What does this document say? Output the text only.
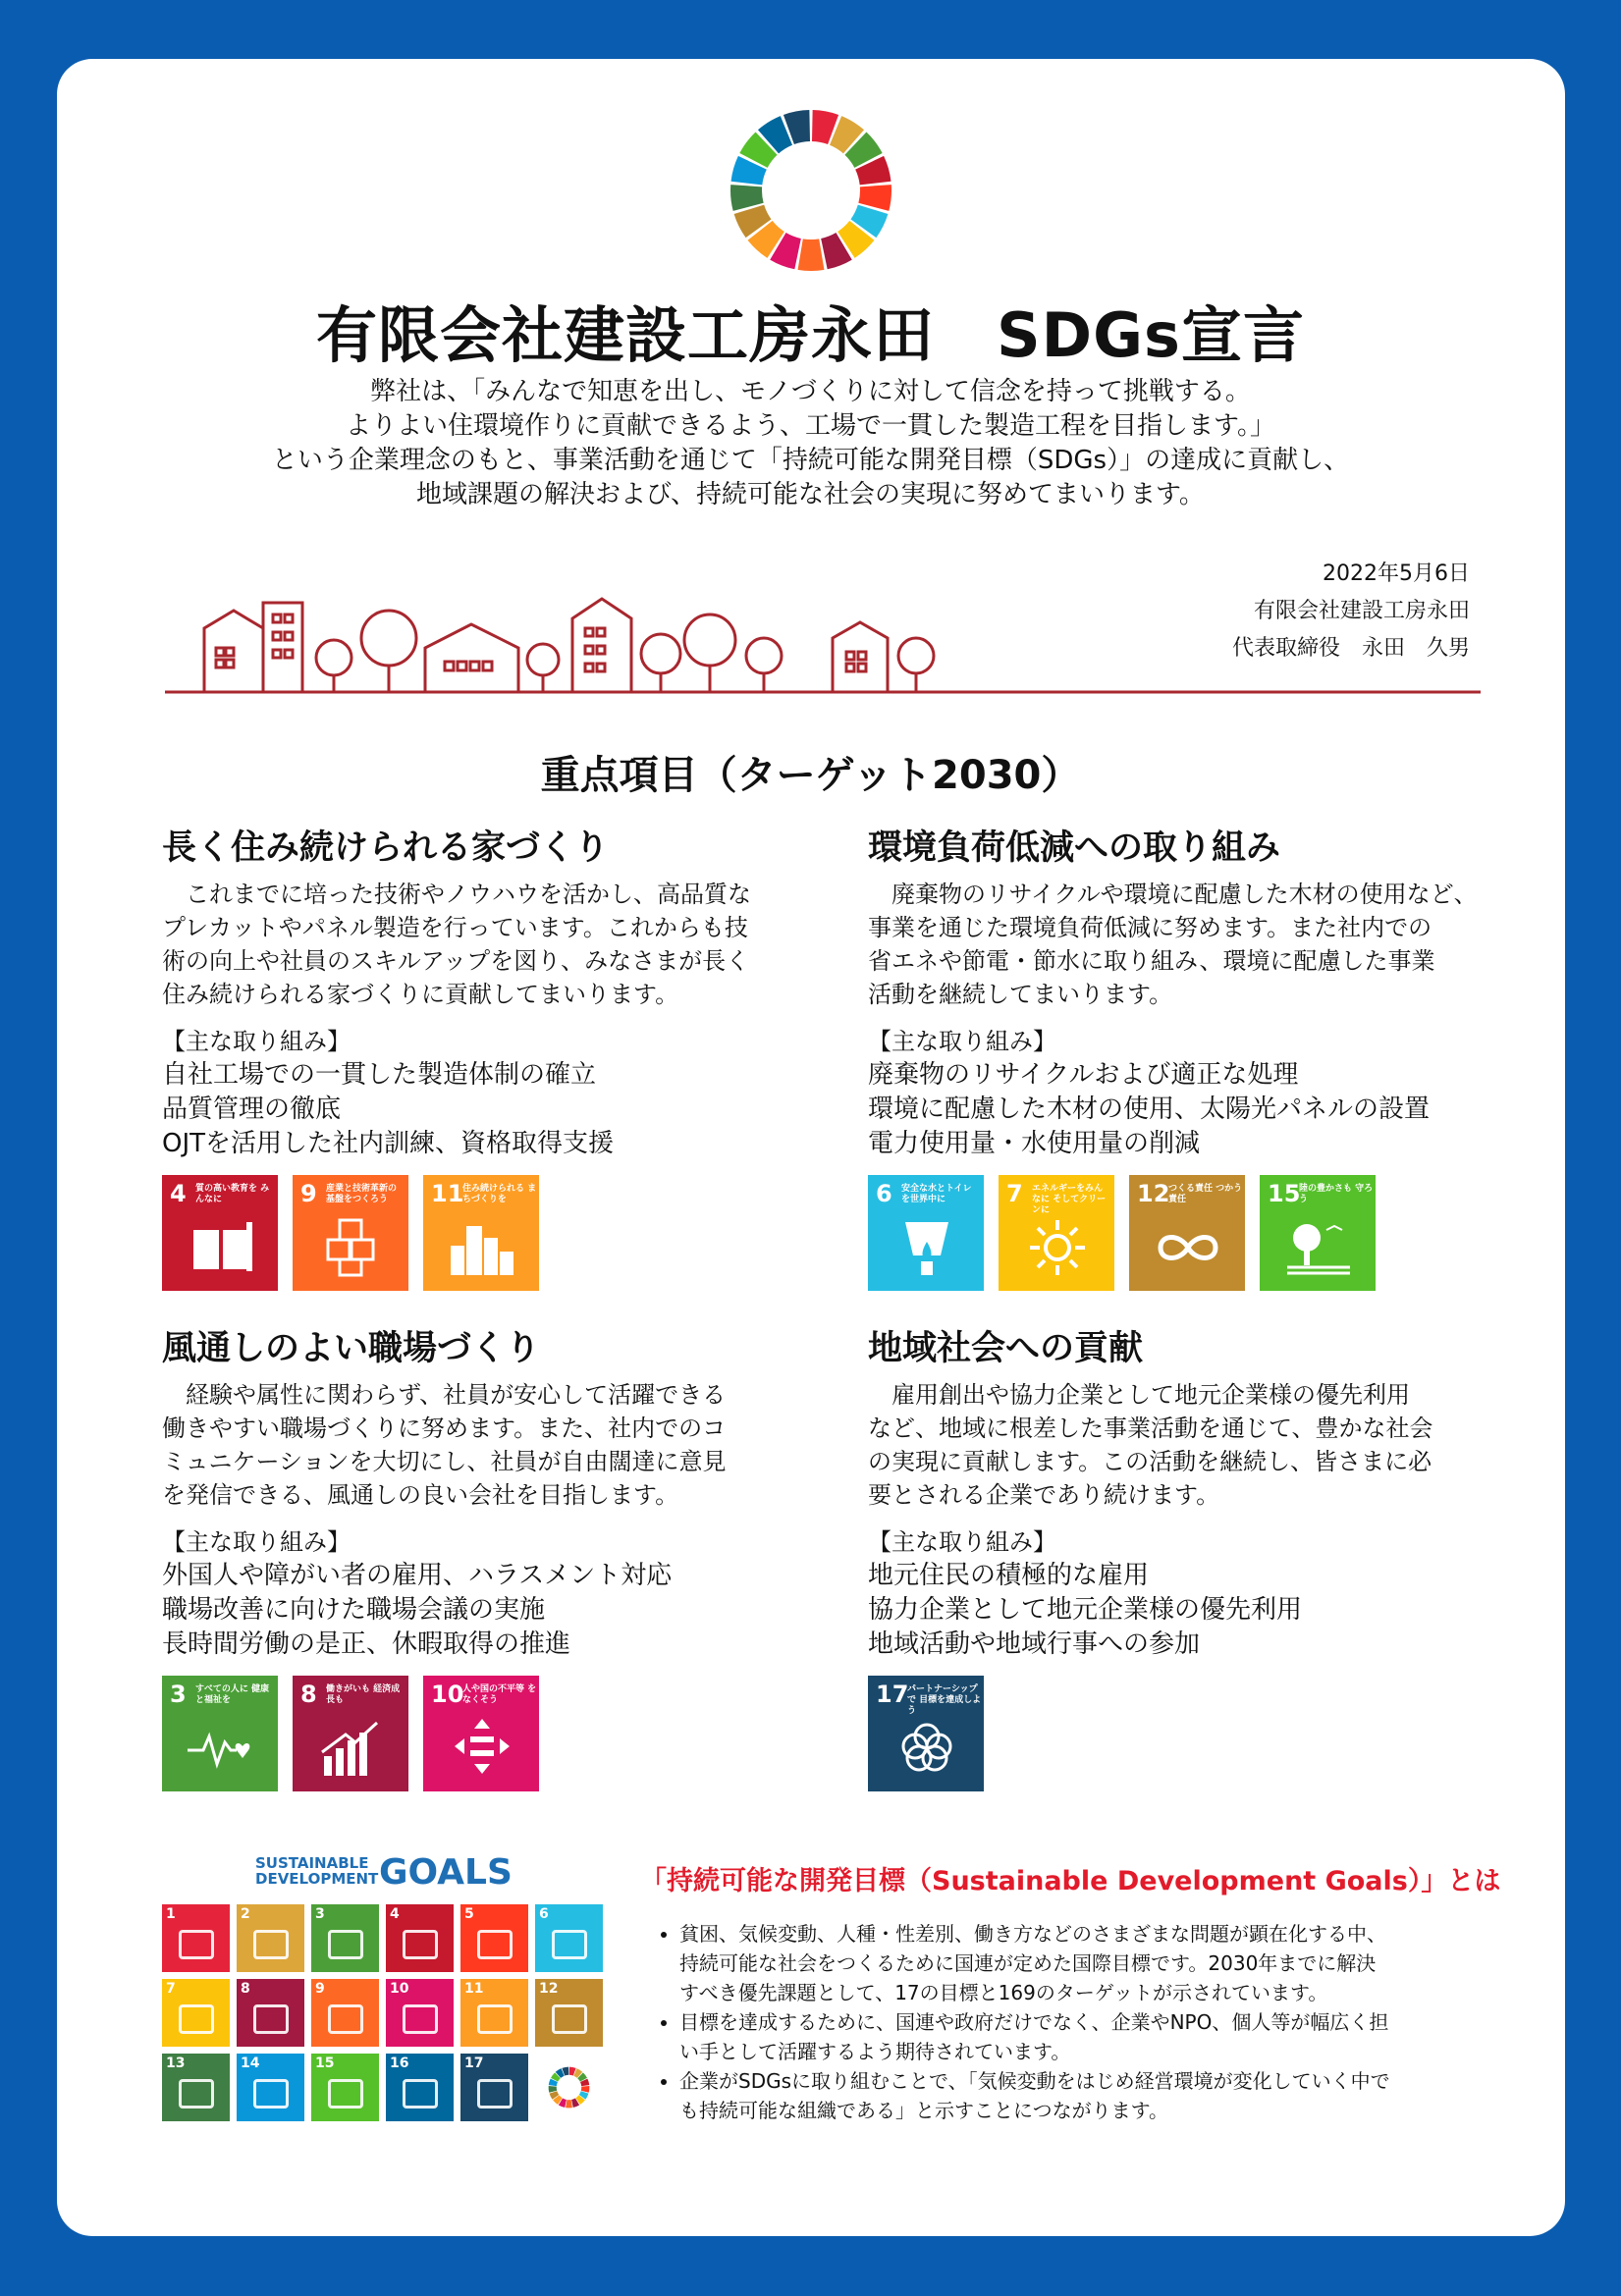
有限会社建設工房永田　SDGs宣言
弊社は、「みんなで知恵を出し、モノづくりに対して信念を持って挑戦する。
よりよい住環境作りに貢献できるよう、工場で一貫した製造工程を目指します。」
という企業理念のもと、事業活動を通じて「持続可能な開発目標（SDGs）」の達成に貢献し、
地域課題の解決および、持続可能な社会の実現に努めてまいります。
2022年5月6日
有限会社建設工房永田
代表取締役　永田　久男
重点項目（ターゲット2030）
長く住み続けられる家づくり
　これまでに培った技術やノウハウを活かし、高品質な
プレカットやパネル製造を行っています。これからも技
術の向上や社員のスキルアップを図り、みなさまが長く
住み続けられる家づくりに貢献してまいります。
【主な取り組み】
自社工場での一貫した製造体制の確立
品質管理の徹底
OJTを活用した社内訓練、資格取得支援
4 質の高い教育を みんなに	9 産業と技術革新の 基盤をつくろう	11
住み続けられる まちづくりを
環境負荷低減への取り組み
　廃棄物のリサイクルや環境に配慮した木材の使用など、
事業を通じた環境負荷低減に努めます。また社内での
省エネや節電・節水に取り組み、環境に配慮した事業
活動を継続してまいります。
【主な取り組み】
廃棄物のリサイクルおよび適正な処理
環境に配慮した木材の使用、太陽光パネルの設置
電力使用量・水使用量の削減
6 安全な水とトイレ を世界中に	7 エネルギーをみんなに そしてクリーンに
12
つくる責任 つかう責任	15
陸の豊かさも 守ろう
風通しのよい職場づくり
　経験や属性に関わらず、社員が安心して活躍できる
働きやすい職場づくりに努めます。また、社内でのコ
ミュニケーションを大切にし、社員が自由闊達に意見
を発信できる、風通しの良い会社を目指します。
【主な取り組み】
外国人や障がい者の雇用、ハラスメント対応
職場改善に向けた職場会議の実施
長時間労働の是正、休暇取得の推進
3 すべての人に 健康と福祉を	8 働きがいも 経済成長も	10
人や国の不平等 をなくそう
地域社会への貢献
　雇用創出や協力企業として地元企業様の優先利用
など、地域に根差した事業活動を通じて、豊かな社会
の実現に貢献します。この活動を継続し、皆さまに必
要とされる企業であり続けます。
【主な取り組み】
地元住民の積極的な雇用
協力企業として地元企業様の優先利用
地域活動や地域行事への参加
17
パートナーシップで 目標を達成しよう
SUSTAINABLE
DEVELOPMENT GOALS
1	2	3	4	5	6
7	8	9	10	11	12
13	14	15	16	17
「持続可能な開発目標（Sustainable Development Goals）」とは
• 貧困、気候変動、人種・性差別、働き方などのさまざまな問題が顕在化する中、
持続可能な社会をつくるために国連が定めた国際目標です。2030年までに解決
すべき優先課題として、17の目標と169のターゲットが示されています。
• 目標を達成するために、国連や政府だけでなく、企業やNPO、個人等が幅広く担
い手として活躍するよう期待されています。
• 企業がSDGsに取り組むことで、「気候変動をはじめ経営環境が変化していく中で
も持続可能な組織である」と示すことにつながります。
